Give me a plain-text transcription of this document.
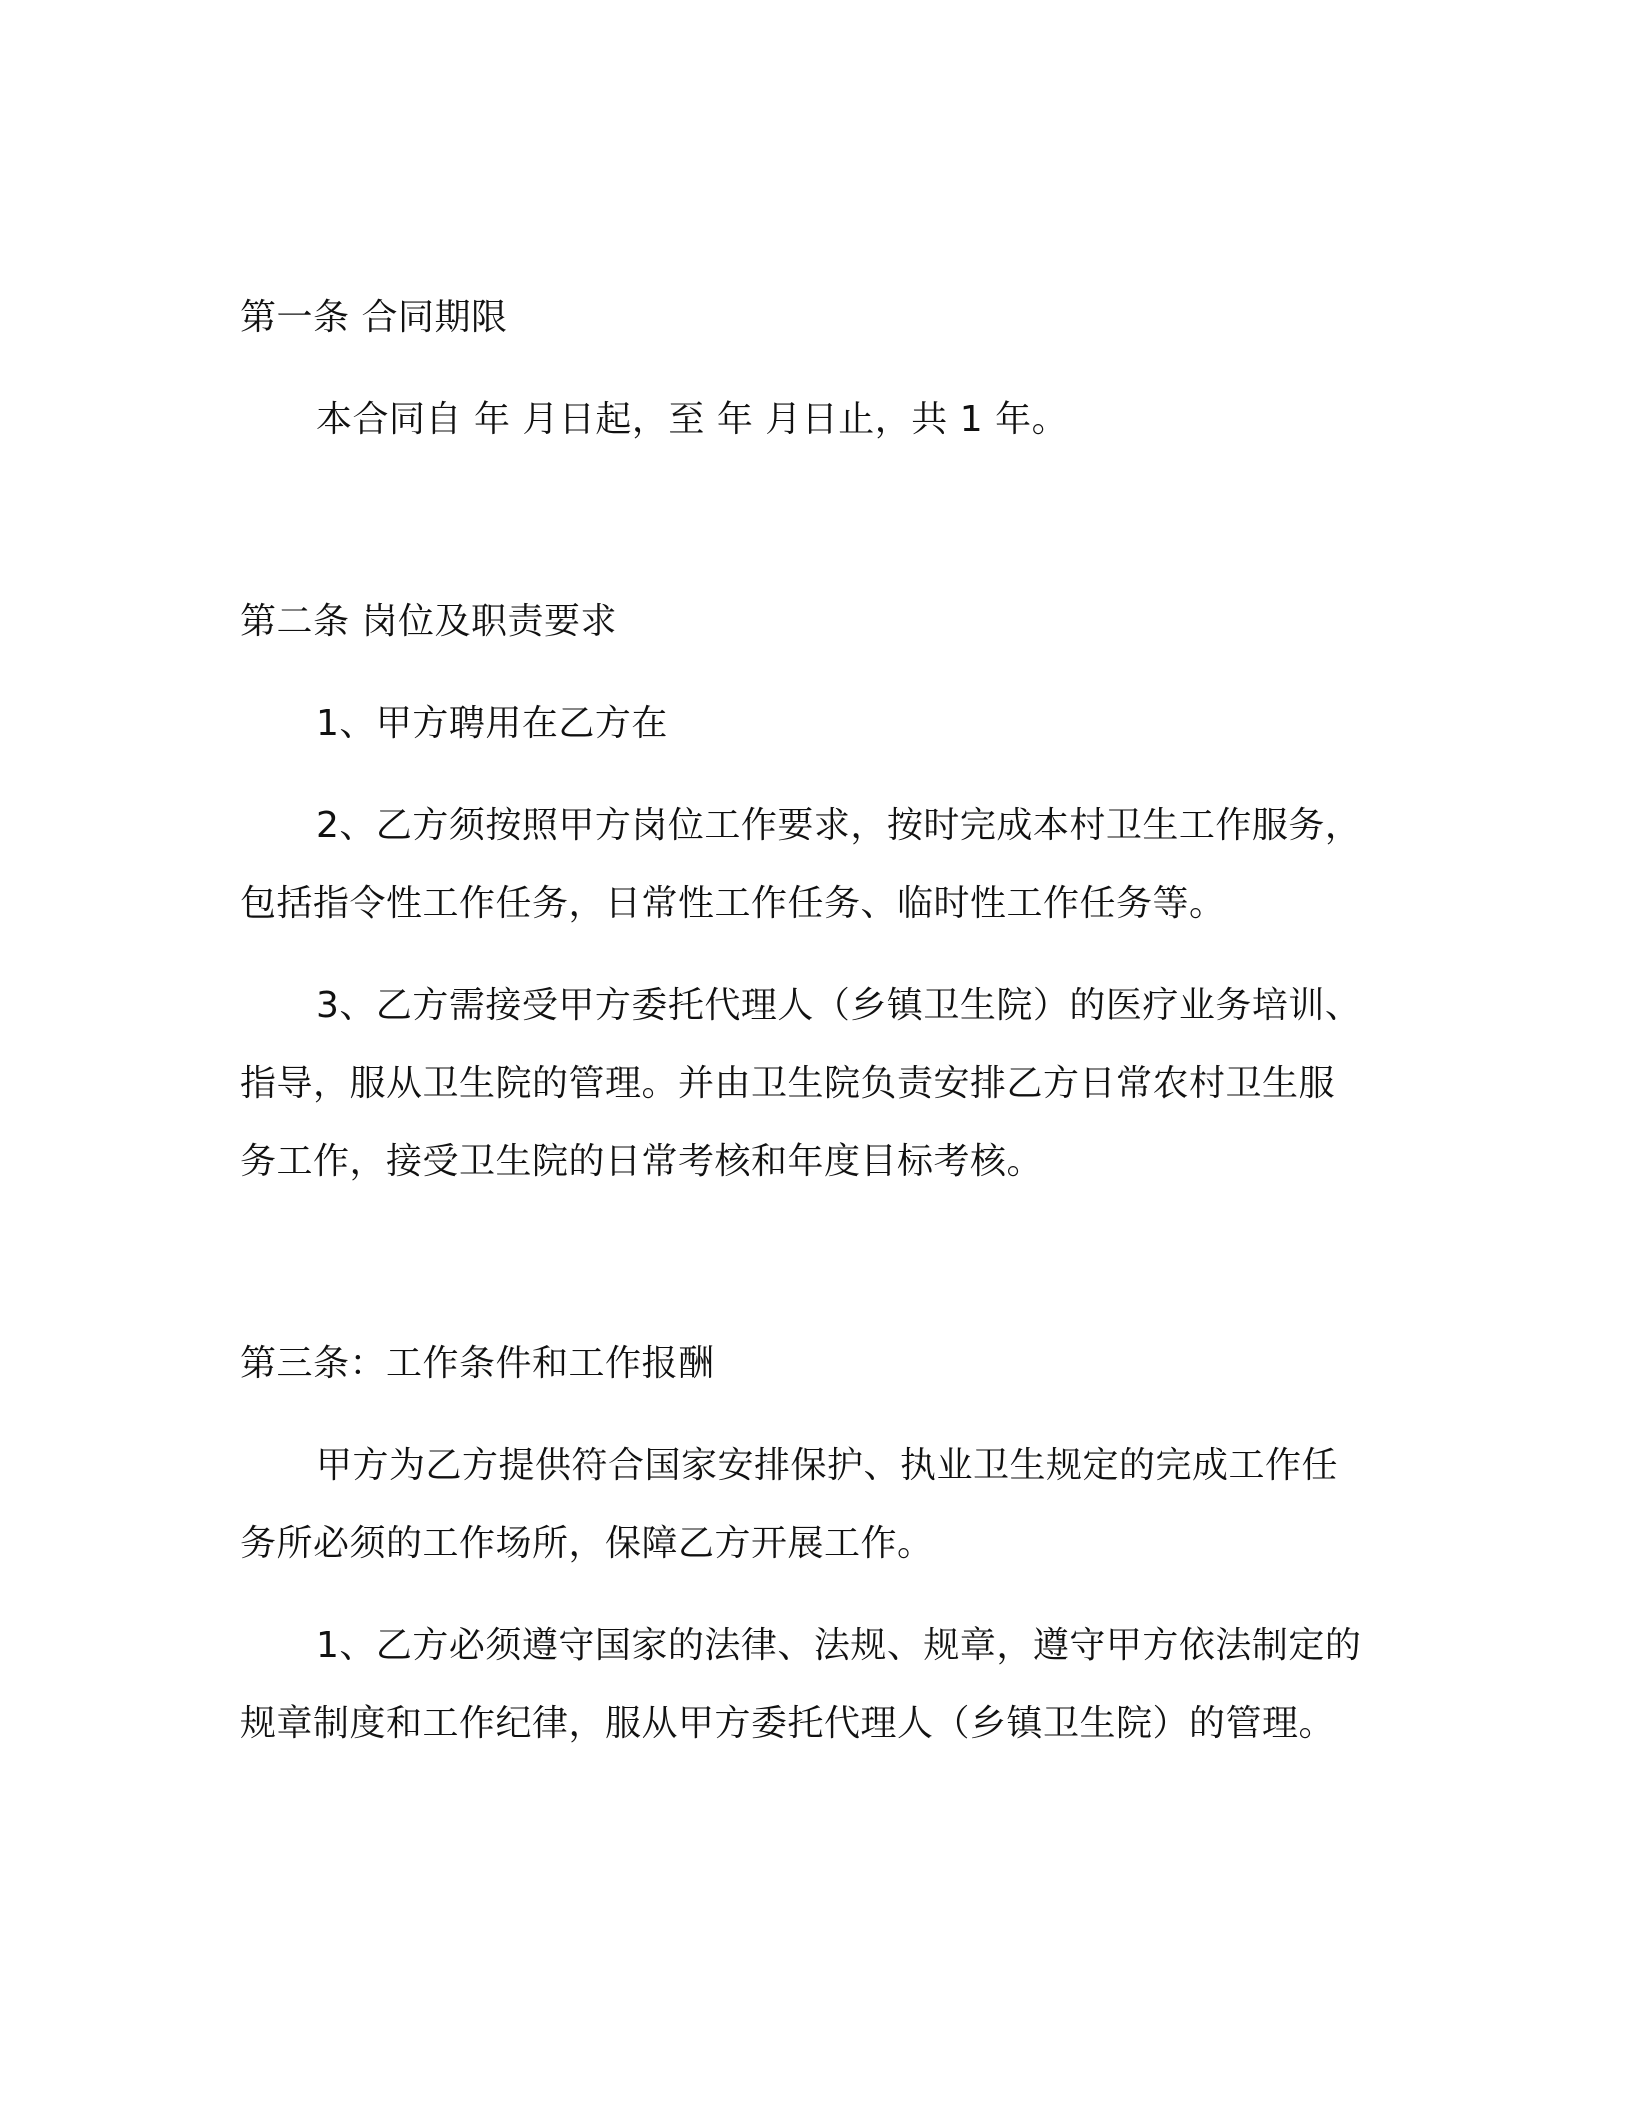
第一条 合同期限
本合同自 年 月日起，至 年 月日止，共 1 年。
第二条 岗位及职责要求
1、甲方聘用在乙方在
2、乙方须按照甲方岗位工作要求，按时完成本村卫生工作服务，
包括指令性工作任务，日常性工作任务、临时性工作任务等。
3、乙方需接受甲方委托代理人（乡镇卫生院）的医疗业务培训、
指导，服从卫生院的管理。并由卫生院负责安排乙方日常农村卫生服
务工作，接受卫生院的日常考核和年度目标考核。
第三条：工作条件和工作报酬
甲方为乙方提供符合国家安排保护、执业卫生规定的完成工作任
务所必须的工作场所，保障乙方开展工作。
1、乙方必须遵守国家的法律、法规、规章，遵守甲方依法制定的
规章制度和工作纪律，服从甲方委托代理人（乡镇卫生院）的管理。
